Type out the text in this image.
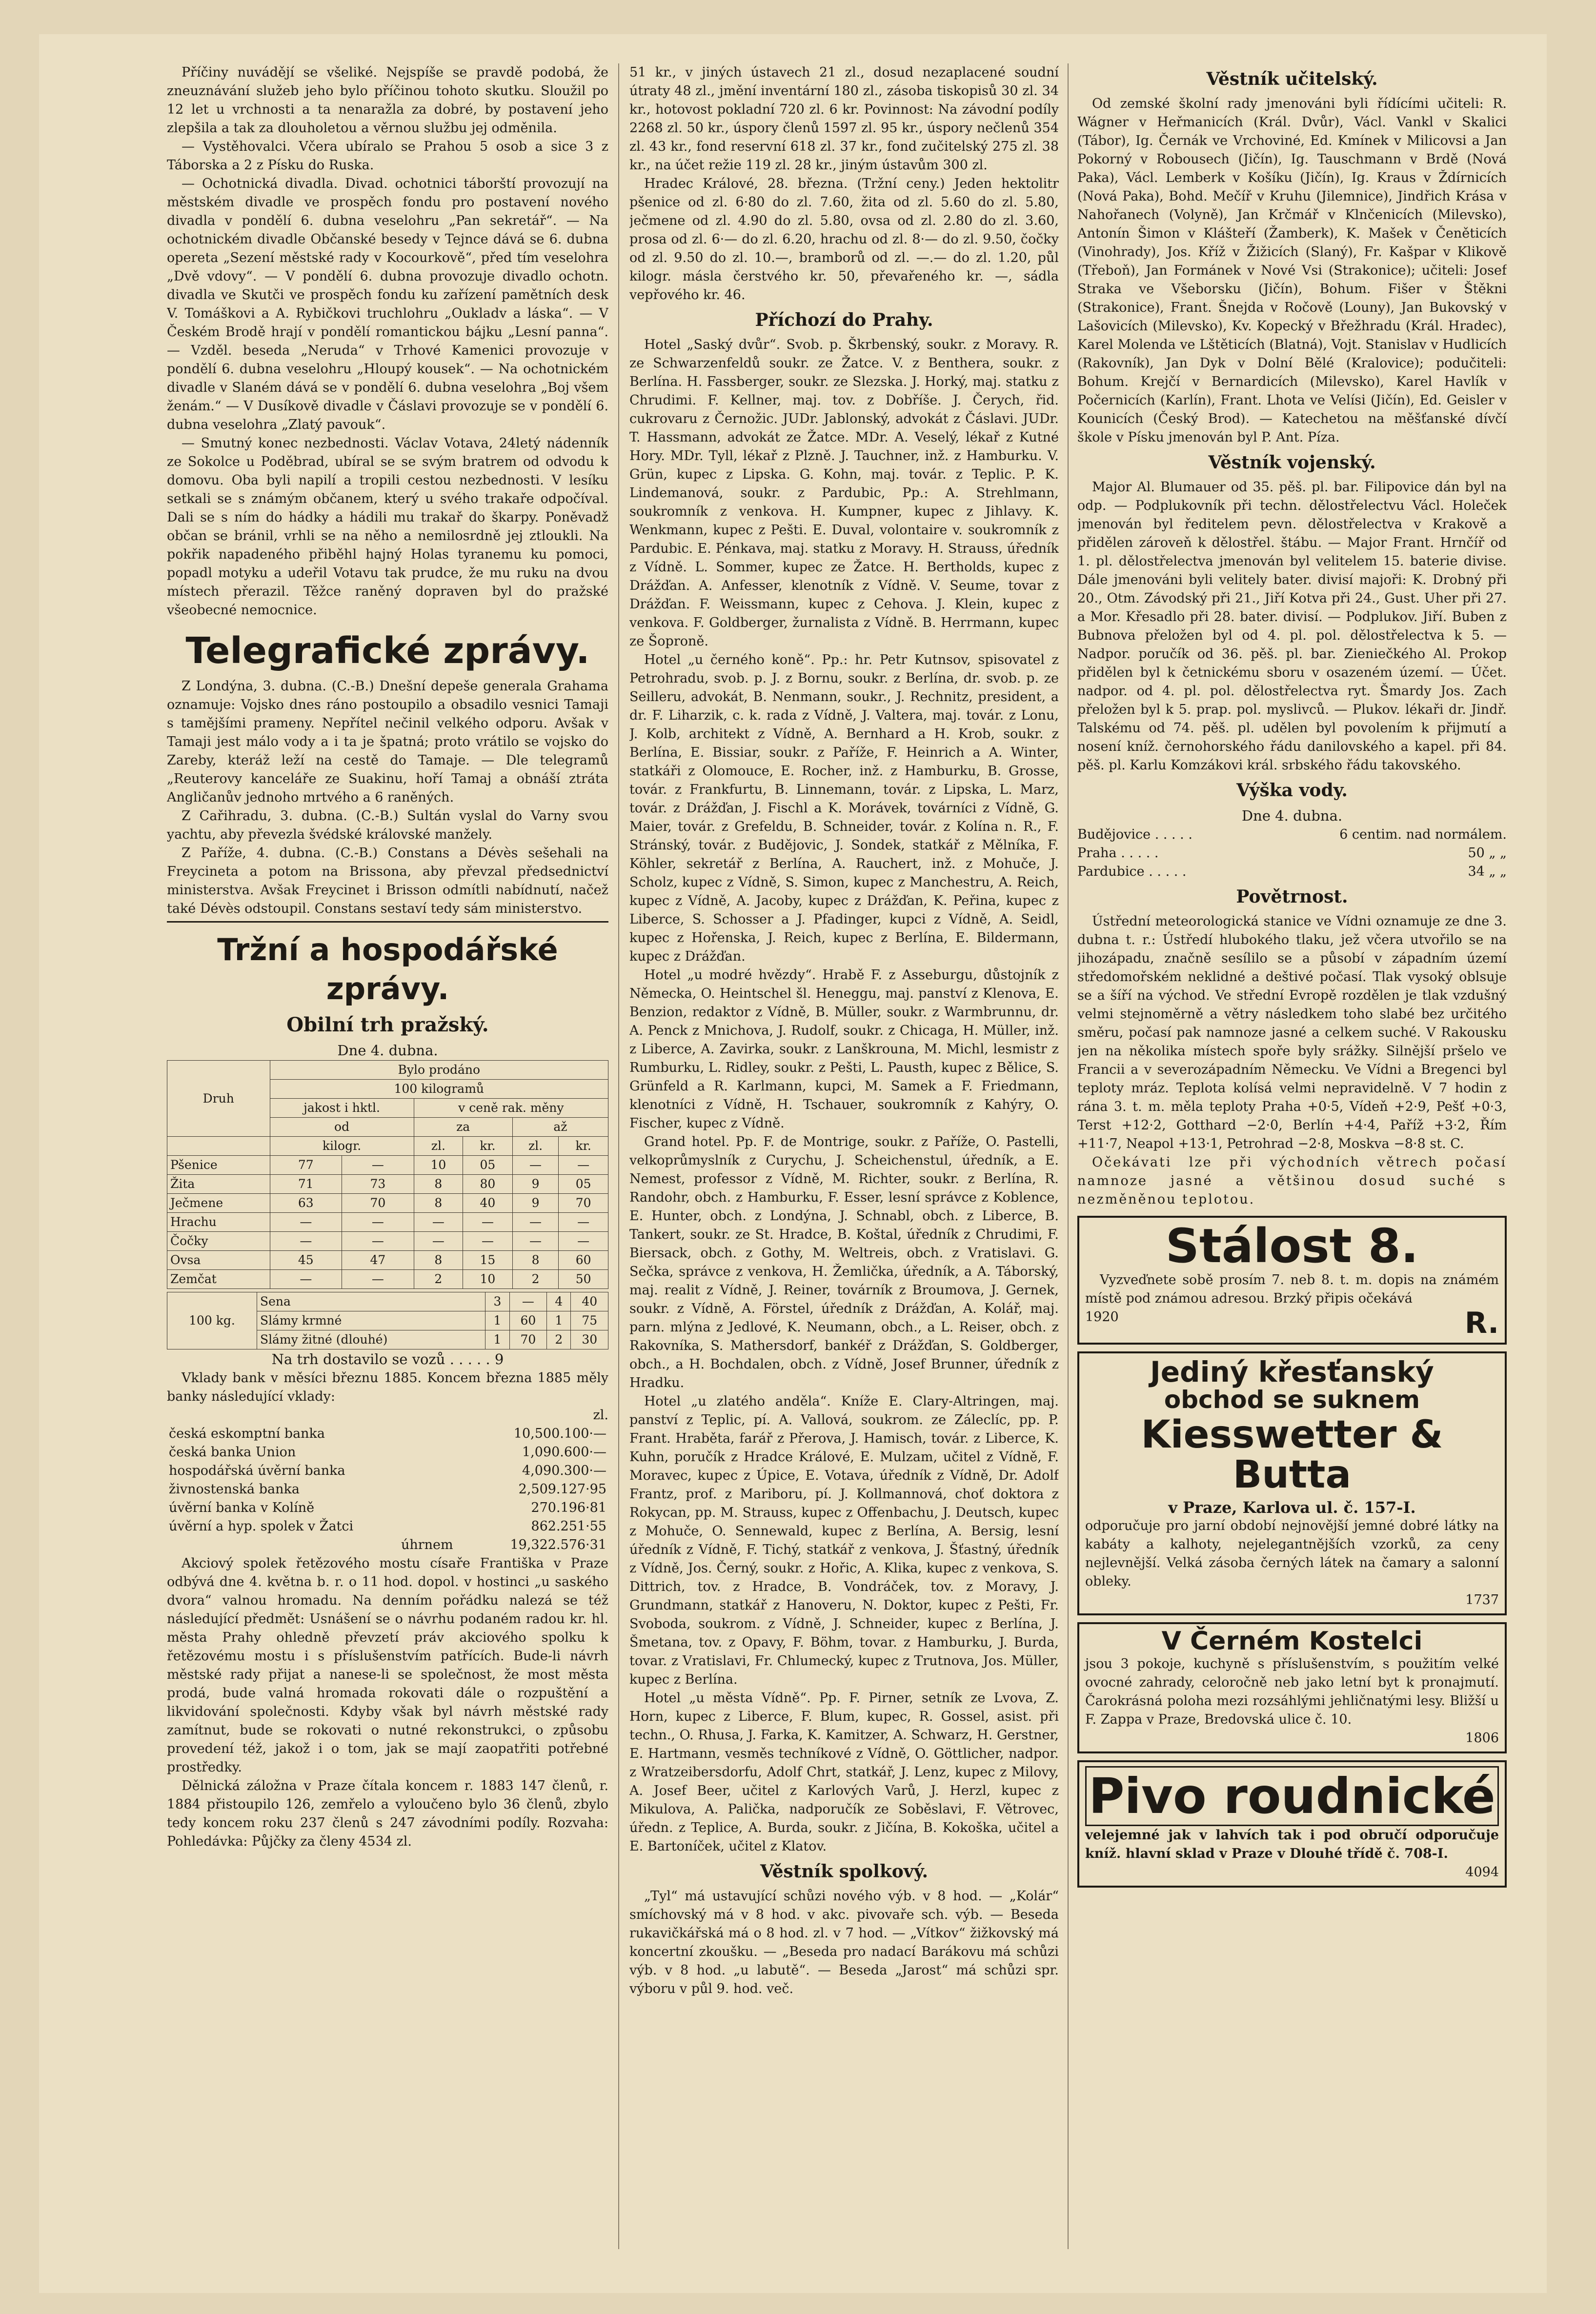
Příčiny nuvádějí se všeliké. Nejspíše se pravdě podobá, že zneuznávání služeb jeho bylo příčinou tohoto skutku. Sloužil po 12 let u vrchnosti a ta nenaražla za dobré, by postavení jeho zlepšila a tak za dlouholetou a věrnou službu jej odměnila.

— Vystěhovalci. Včera ubíralo se Prahou 5 osob a sice 3 z Táborska a 2 z Písku do Ruska.

— Ochotnická divadla. Divad. ochotnici táborští provozují na městském divadle ve prospěch fondu pro postavení nového divadla v pondělí 6. dubna veselohru „Pan sekretář“. — Na ochotnickém divadle Občanské besedy v Tejnce dává se 6. dubna opereta „Sezení městské rady v Kocourkově“, před tím veselohra „Dvě vdovy“. — V pondělí 6. dubna provozuje divadlo ochotn. divadla ve Skutči ve prospěch fondu ku zařízení pamětních desk V. Tomáškovi a A. Rybičkovi truchlohru „Oukladv a láska“. — V Českém Brodě hrají v pondělí romantickou bájku „Lesní panna“. — Vzděl. beseda „Neruda“ v Trhové Kamenici provozuje v pondělí 6. dubna veselohru „Hloupý kousek“. — Na ochotnickém divadle v Slaném dává se v pondělí 6. dubna veselohra „Boj všem ženám.“ — V Dusíkově divadle v Čáslavi provozuje se v pondělí 6. dubna veselohra „Zlatý pavouk“.

— Smutný konec nezbednosti. Václav Votava, 24letý nádenník ze Sokolce u Poděbrad, ubíral se se svým bratrem od odvodu k domovu. Oba byli napilí a tropili cestou nezbednosti. V lesíku setkali se s známým občanem, který u svého trakaře odpočíval. Dali se s ním do hádky a hádili mu trakař do škarpy. Poněvadž občan se bránil, vrhli se na něho a nemilosrdně jej ztloukli. Na pokřik napadeného přiběhl hajný Holas tyranemu ku pomoci, popadl motyku a udeřil Votavu tak prudce, že mu ruku na dvou místech přerazil. Těžce raněný dopraven byl do pražské všeobecné nemocnice.

Telegrafické zprávy.

Z Londýna, 3. dubna. (C.-B.) Dnešní depeše generala Grahama oznamuje: Vojsko dnes ráno postoupilo a obsadilo vesnici Tamaji s tamějšími prameny. Nepřítel nečinil velkého odporu. Avšak v Tamaji jest málo vody a i ta je špatná; proto vrátilo se vojsko do Zareby, kteráž leží na cestě do Tamaje. — Dle telegramů „Reuterovy kanceláře ze Suakinu, hoří Tamaj a obnáší ztráta Angličanův jednoho mrtvého a 6 raněných.

Z Cařihradu, 3. dubna. (C.-B.) Sultán vyslal do Varny svou yachtu, aby převezla švédské královské manžely.

Z Paříže, 4. dubna. (C.-B.) Constans a Dévès sešehali na Freycineta a potom na Brissona, aby převzal předsednictví ministerstva. Avšak Freycinet i Brisson odmítli nabídnutí, načež také Dévès odstoupil. Constans sestaví tedy sám ministerstvo.

Tržní a hospodářské zprávy.
Obilní trh pražský.
Dne 4. dubna.
Druh	Bylo prodáno					
	100 kilogramů					
	jakost i hktl.		v ceně rak. měny			
	od		za		až	
	kilogr.		zl.	kr.	zl.	kr.
Pšenice	77	—	10	05	—	—
Žita	71	73	8	80	9	05
Ječmene	63	70	8	40	9	70
Hrachu	—	—	—	—	—	—
Čočky	—	—	—	—	—	—
Ovsa	45	47	8	15	8	60
Zemčat	—	—	2	10	2	50
100 kg.	Sena	3	—	4	40
	Slámy krmné	1	60	1	75
	Slámy žitné (dlouhé)	1	70	2	30

Na trh dostavilo se vozů . . . . . 9

Vklady bank v měsíci březnu 1885. Koncem března 1885 měly banky následující vklady:

zl.
česká eskomptní banka	10,500.100·—
česká banka Union	1,090.600·—
hospodářská úvěrní banka	4,090.300·—
živnostenská banka	2,509.127·95
úvěrní banka v Kolíně	270.196·81
úvěrní a hyp. spolek v Žatci	862.251·55
úhrnem	19,322.576·31

Akciový spolek řetězového mostu císaře Františka v Praze odbývá dne 4. května b. r. o 11 hod. dopol. v hostinci „u saského dvora“ valnou hromadu. Na denním pořádku nalezá se též následující předmět: Usnášení se o návrhu podaném radou kr. hl. města Prahy ohledně převzetí práv akciového spolku k řetězovému mostu i s příslušenstvím patřících. Bude-li návrh městské rady přijat a nanese-li se společnost, že most města prodá, bude valná hromada rokovati dále o rozpuštění a likvidování společnosti. Kdyby však byl návrh městské rady zamítnut, bude se rokovati o nutné rekonstrukci, o způsobu provedení též, jakož i o tom, jak se mají zaopatřiti potřebné prostředky.

Dělnická záložna v Praze čítala koncem r. 1883 147 členů, r. 1884 přistoupilo 126, zemřelo a vyloučeno bylo 36 členů, zbylo tedy koncem roku 237 členů s 247 závodními podíly. Rozvaha: Pohledávka: Půjčky za členy 4534 zl.

51 kr., v jiných ústavech 21 zl., dosud nezaplacené soudní útraty 48 zl., jmění inventární 180 zl., zásoba tiskopisů 30 zl. 34 kr., hotovost pokladní 720 zl. 6 kr. Povinnost: Na závodní podíly 2268 zl. 50 kr., úspory členů 1597 zl. 95 kr., úspory nečlenů 354 zl. 43 kr., fond reservní 618 zl. 37 kr., fond zučitelský 275 zl. 38 kr., na účet režie 119 zl. 28 kr., jiným ústavům 300 zl.

Hradec Králové, 28. března. (Tržní ceny.) Jeden hektolitr pšenice od zl. 6·80 do zl. 7.60, žita od zl. 5.60 do zl. 5.80, ječmene od zl. 4.90 do zl. 5.80, ovsa od zl. 2.80 do zl. 3.60, prosa od zl. 6·— do zl. 6.20, hrachu od zl. 8·— do zl. 9.50, čočky od zl. 9.50 do zl. 10.—, bramborů od zl. —.— do zl. 1.20, půl kilogr. másla čerstvého kr. 50, převařeného kr. —, sádla vepřového kr. 46.

Příchozí do Prahy.

Hotel „Saský dvůr“. Svob. p. Škrbenský, soukr. z Moravy. R. ze Schwarzenfeldů soukr. ze Žatce. V. z Benthera, soukr. z Berlína. H. Fassberger, soukr. ze Slezska. J. Horký, maj. statku z Chrudimi. F. Kellner, maj. tov. z Dobříše. J. Čerych, řid. cukrovaru z Černožic. JUDr. Jablonský, advokát z Čáslavi. JUDr. T. Hassmann, advokát ze Žatce. MDr. A. Veselý, lékař z Kutné Hory. MDr. Tyll, lékař z Plzně. J. Tauchner, inž. z Hamburku. V. Grün, kupec z Lipska. G. Kohn, maj. továr. z Teplic. P. K. Lindemanová, soukr. z Pardubic, Pp.: A. Strehlmann, soukromník z venkova. H. Kumpner, kupec z Jihlavy. K. Wenkmann, kupec z Pešti. E. Duval, volontaire v. soukromník z Pardubic. E. Pénkava, maj. statku z Moravy. H. Strauss, úředník z Vídně. L. Sommer, kupec ze Žatce. H. Bertholds, kupec z Drážďan. A. Anfesser, klenotník z Vídně. V. Seume, tovar z Drážďan. F. Weissmann, kupec z Cehova. J. Klein, kupec z venkova. F. Goldberger, žurnalista z Vídně. B. Herrmann, kupec ze Šoproně.

Hotel „u černého koně“. Pp.: hr. Petr Kutnsov, spisovatel z Petrohradu, svob. p. J. z Bornu, soukr. z Berlína, dr. svob. p. ze Seilleru, advokát, B. Nenmann, soukr., J. Rechnitz, president, a dr. F. Liharzik, c. k. rada z Vídně, J. Valtera, maj. továr. z Lonu, J. Kolb, architekt z Vídně, A. Bernhard a H. Krob, soukr. z Berlína, E. Bissiar, soukr. z Paříže, F. Heinrich a A. Winter, statkáři z Olomouce, E. Rocher, inž. z Hamburku, B. Grosse, továr. z Frankfurtu, B. Linnemann, továr. z Lipska, L. Marz, továr. z Drážďan, J. Fischl a K. Morávek, továrníci z Vídně, G. Maier, továr. z Grefeldu, B. Schneider, továr. z Kolína n. R., F. Stránský, továr. z Budějovic, J. Sondek, statkář z Mělníka, F. Köhler, sekretář z Berlína, A. Rauchert, inž. z Mohuče, J. Scholz, kupec z Vídně, S. Simon, kupec z Manchestru, A. Reich, kupec z Vídně, A. Jacoby, kupec z Drážďan, K. Peřina, kupec z Liberce, S. Schosser a J. Pfadinger, kupci z Vídně, A. Seidl, kupec z Hořenska, J. Reich, kupec z Berlína, E. Bildermann, kupec z Drážďan.

Hotel „u modré hvězdy“. Hrabě F. z Asseburgu, důstojník z Německa, O. Heintschel šl. Heneggu, maj. panství z Klenova, E. Benzion, redaktor z Vídně, B. Müller, soukr. z Warmbrunnu, dr. A. Penck z Mnichova, J. Rudolf, soukr. z Chicaga, H. Müller, inž. z Liberce, A. Zavirka, soukr. z Lanškrouna, M. Michl, lesmistr z Rumburku, L. Ridley, soukr. z Pešti, L. Pausth, kupec z Bělice, S. Grünfeld a R. Karlmann, kupci, M. Samek a F. Friedmann, klenotníci z Vídně, H. Tschauer, soukromník z Kahýry, O. Fischer, kupec z Vídně.

Grand hotel. Pp. F. de Montrige, soukr. z Paříže, O. Pastelli, velkoprůmyslník z Curychu, J. Scheichenstul, úředník, a E. Nemest, professor z Vídně, M. Richter, soukr. z Berlína, R. Randohr, obch. z Hamburku, F. Esser, lesní správce z Koblence, E. Hunter, obch. z Londýna, J. Schnabl, obch. z Liberce, B. Tankert, soukr. ze St. Hradce, B. Koštal, úředník z Chrudimi, F. Biersack, obch. z Gothy, M. Weltreis, obch. z Vratislavi. G. Sečka, správce z venkova, H. Žemlička, úředník, a A. Táborský, maj. realit z Vídně, J. Reiner, továrník z Broumova, J. Gernek, soukr. z Vídně, A. Förstel, úředník z Drážďan, A. Kolář, maj. parn. mlýna z Jedlové, K. Neumann, obch., a L. Reiser, obch. z Rakovníka, S. Mathersdorf, bankéř z Drážďan, S. Goldberger, obch., a H. Bochdalen, obch. z Vídně, Josef Brunner, úředník z Hradku.

Hotel „u zlatého anděla“. Kníže E. Clary-Altringen, maj. panství z Teplic, pí. A. Vallová, soukrom. ze Záleclíc, pp. P. Frant. Hraběta, farář z Přerova, J. Hamisch, továr. z Liberce, K. Kuhn, poručík z Hradce Králové, E. Mulzam, učitel z Vídně, F. Moravec, kupec z Úpice, E. Votava, úředník z Vídně, Dr. Adolf Frantz, prof. z Mariboru, pí. J. Kollmannová, choť doktora z Rokycan, pp. M. Strauss, kupec z Offenbachu, J. Deutsch, kupec z Mohuče, O. Sennewald, kupec z Berlína, A. Bersig, lesní úředník z Vídně, F. Tichý, statkář z venkova, J. Šťastný, úředník z Vídně, Jos. Černý, soukr. z Hořic, A. Klika, kupec z venkova, S. Dittrich, tov. z Hradce, B. Vondráček, tov. z Moravy, J. Grundmann, statkář z Hanoveru, N. Doktor, kupec z Pešti, Fr. Svoboda, soukrom. z Vídně, J. Schneider, kupec z Berlína, J. Šmetana, tov. z Opavy, F. Böhm, tovar. z Hamburku, J. Burda, tovar. z Vratislavi, Fr. Chlumecký, kupec z Trutnova, Jos. Müller, kupec z Berlína.

Hotel „u města Vídně“. Pp. F. Pirner, setník ze Lvova, Z. Horn, kupec z Liberce, F. Blum, kupec, R. Gossel, asist. při techn., O. Rhusa, J. Farka, K. Kamitzer, A. Schwarz, H. Gerstner, E. Hartmann, vesměs techníkové z Vídně, O. Göttlicher, nadpor. z Wratzeibersdorfu, Adolf Chrt, statkář, J. Lenz, kupec z Milovy, A. Josef Beer, učitel z Karlových Varů, J. Herzl, kupec z Mikulova, A. Palička, nadporučík ze Soběslavi, F. Větrovec, úředn. z Teplice, A. Burda, soukr. z Jičína, B. Kokoška, učitel a E. Bartoníček, učitel z Klatov.

Věstník spolkový.

„Tyl“ má ustavující schůzi nového výb. v 8 hod. — „Kolár“ smíchovský má v 8 hod. v akc. pivovaře sch. výb. — Beseda rukavičkářská má o 8 hod. zl. v 7 hod. — „Vítkov“ žižkovský má koncertní zkoušku. — „Beseda pro nadací Barákovu má schůzi výb. v 8 hod. „u labutě“. — Beseda „Jarost“ má schůzi spr. výboru v půl 9. hod. več.

Věstník učitelský.

Od zemské školní rady jmenováni byli řídícími učiteli: R. Wágner v Heřmanicích (Král. Dvůr), Václ. Vankl v Skalici (Tábor), Ig. Černák ve Vrchoviné, Ed. Kmínek v Milicovsi a Jan Pokorný v Robousech (Jičín), Ig. Tauschmann v Brdě (Nová Paka), Václ. Lemberk v Košíku (Jičín), Ig. Kraus v Ždírnicích (Nová Paka), Bohd. Mečíř v Kruhu (Jilemnice), Jindřich Krása v Nahořanech (Volyně), Jan Krčmář v Klnčenicích (Milevsko), Antonín Šimon v Klášteří (Žamberk), K. Mašek v Čeněticích (Vinohrady), Jos. Kříž v Žižicích (Slaný), Fr. Kašpar v Klikově (Třeboň), Jan Formánek v Nové Vsi (Strakonice); učiteli: Josef Straka ve Všeborsku (Jičín), Bohum. Fišer v Štěkni (Strakonice), Frant. Šnejda v Ročově (Louny), Jan Bukovský v Lašovicích (Milevsko), Kv. Kopecký v Břežhradu (Král. Hradec), Karel Molenda ve Lštěticích (Blatná), Vojt. Stanislav v Hudlicích (Rakovník), Jan Dyk v Dolní Bělé (Kralovice); podučiteli: Bohum. Krejčí v Bernardicích (Milevsko), Karel Havlík v Počernicích (Karlín), Frant. Lhota ve Velísi (Jičín), Ed. Geisler v Kounicích (Český Brod). — Katechetou na měšťanské dívčí škole v Písku jmenován byl P. Ant. Píza.

Věstník vojenský.

Major Al. Blumauer od 35. pěš. pl. bar. Filipovice dán byl na odp. — Podplukovník při techn. dělostřelectvu Václ. Holeček jmenován byl ředitelem pevn. dělostřelectva v Krakově a přidělen zároveň k dělostřel. štábu. — Major Frant. Hrnčíř od 1. pl. dělostřelectva jmenován byl velitelem 15. baterie divise. Dále jmenováni byli velitely bater. divisí majoři: K. Drobný při 20., Otm. Závodský při 21., Jiří Kotva při 24., Gust. Uher při 27. a Mor. Křesadlo při 28. bater. divisí. — Podplukov. Jiří. Buben z Bubnova přeložen byl od 4. pl. pol. dělostřelectva k 5. — Nadpor. poručík od 36. pěš. pl. bar. Zieniečkého Al. Prokop přidělen byl k četnickému sboru v osazeném území. — Účet. nadpor. od 4. pl. pol. dělostřelectva ryt. Šmardy Jos. Zach přeložen byl k 5. prap. pol. myslivců. — Plukov. lékaři dr. Jindř. Talskému od 74. pěš. pl. udělen byl povolením k přijmutí a nosení kníž. černohorského řádu danilovského a kapel. při 84. pěš. pl. Karlu Komzákovi král. srbského řádu takovského.

Výška vody.
Dne 4. dubna.
Budějovice . . . . .	6 centim. nad normálem.
Praha . . . . .	50 „ „
Pardubice . . . . .	34 „ „
Povětrnost.

Ústřední meteorologická stanice ve Vídni oznamuje ze dne 3. dubna t. r.: Ústředí hlubokého tlaku, jež včera utvořilo se na jihozápadu, značně sesílilo se a působí v západním území středomořském neklidné a deštivé počasí. Tlak vysoký oblsuje se a šíří na východ. Ve střední Evropě rozdělen je tlak vzdušný velmi stejnoměrně a větry následkem toho slabé bez určitého směru, počasí pak namnoze jasné a celkem suché. V Rakousku jen na několika místech spoře byly srážky. Silnější pršelo ve Francii a v severozápadním Německu. Ve Vídni a Bregenci byl teploty mráz. Teplota kolísá velmi nepravidelně. V 7 hodin z rána 3. t. m. měla teploty Praha +0·5, Vídeň +2·9, Pešť +0·3, Terst +12·2, Gotthard −2·0, Berlín +4·4, Paříž +3·2, Řím +11·7, Neapol +13·1, Petrohrad −2·8, Moskva −8·8 st. C.

Očekávati lze při východních větrech počasí namnoze jasné a většinou dosud suché s nezměněnou teplotou.

Stálost 8.

Vyzveďnete sobě prosím 7. neb 8. t. m. dopis na známém místě pod známou adresou. Brzký připis očekává

1920	R.
Jediný křesťanský
obchod se suknem
Kiesswetter & Butta
v Praze, Karlova ul. č. 157-I.

odporučuje pro jarní období nejnovější jemné dobré látky na kabáty a kalhoty, nejelegantnějších vzorků, za ceny nejlevnější. Velká zásoba černých látek na čamary a salonní obleky.

1737
V Černém Kostelci

jsou 3 pokoje, kuchyně s příslušenstvím, s použitím velké ovocné zahrady, celoročně neb jako letní byt k pronajmutí. Čarokrásná poloha mezi rozsáhlými jehličnatými lesy. Bližší u F. Zappa v Praze, Bredovská ulice č. 10.

1806
Pivo roudnické

velejemné jak v lahvích tak i pod obručí odporučuje kníž. hlavní sklad v Praze v Dlouhé třídě č. 708-I.

4094
